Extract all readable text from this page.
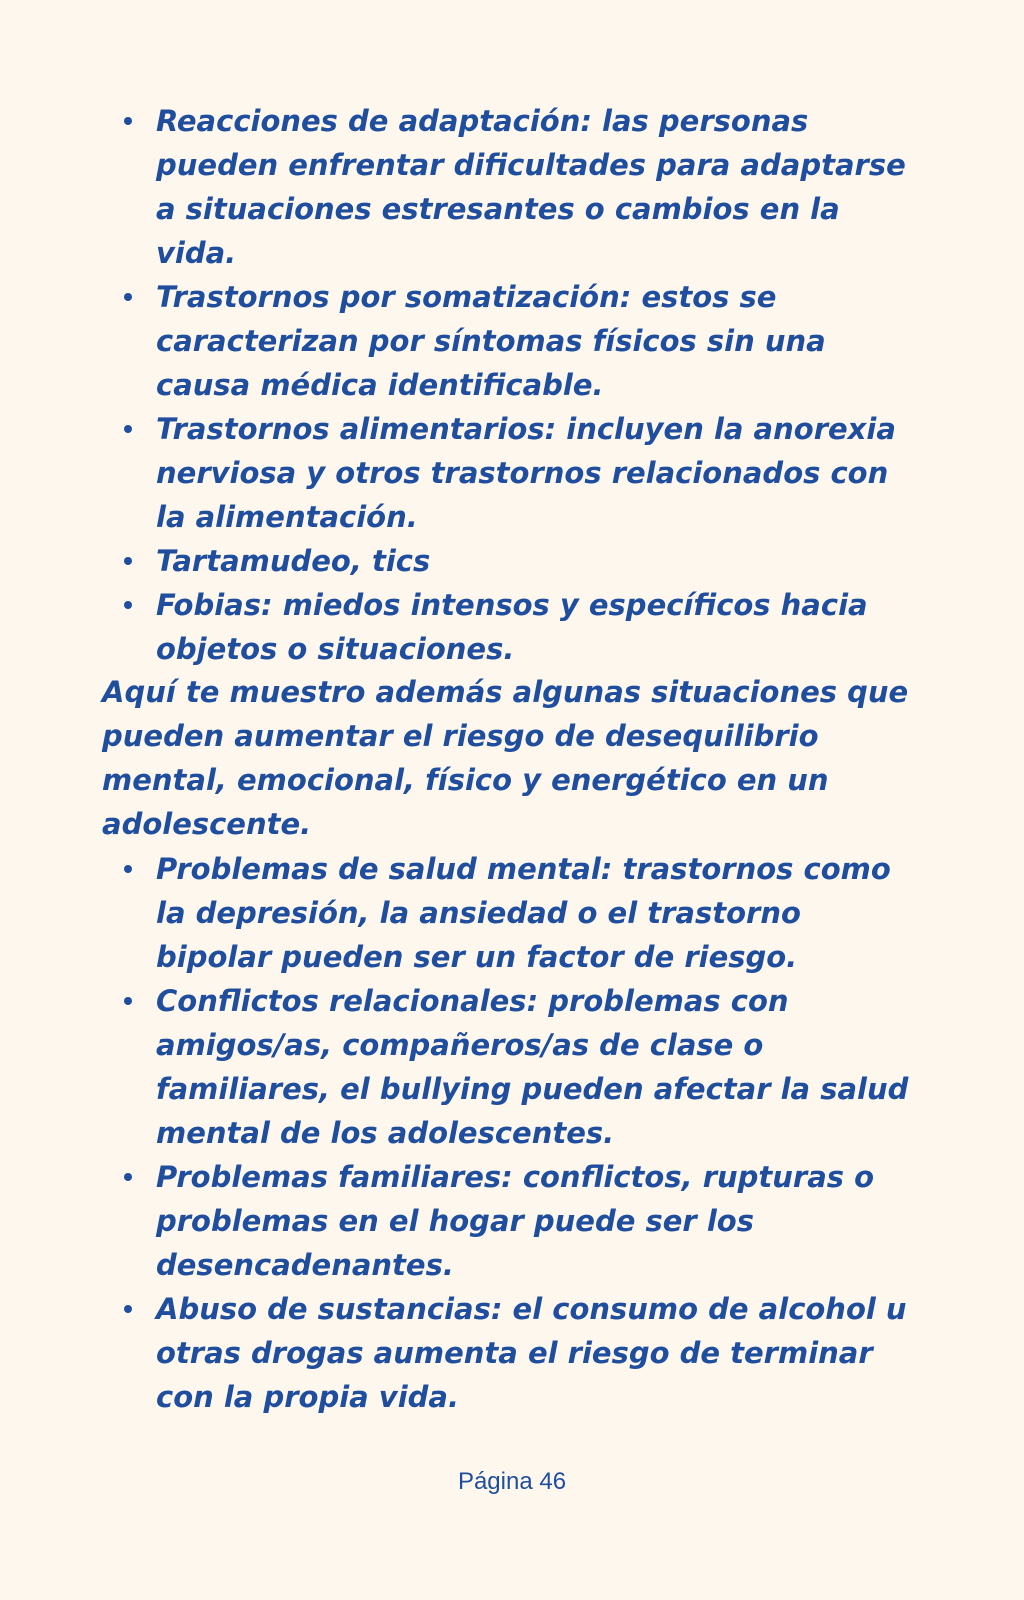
Reacciones de adaptación: las personas pueden enfrentar dificultades para adaptarse a situaciones estresantes o cambios en la vida.
Trastornos por somatización: estos se caracterizan por síntomas físicos sin una causa médica identificable.
Trastornos alimentarios: incluyen la anorexia nerviosa y otros trastornos relacionados con la alimentación.
Tartamudeo, tics
Fobias: miedos intensos y específicos hacia objetos o situaciones.

Aquí te muestro además algunas situaciones que pueden aumentar el riesgo de desequilibrio mental, emocional, físico y energético en un adolescente.

Problemas de salud mental: trastornos como la depresión, la ansiedad o el trastorno bipolar pueden ser un factor de riesgo.
Conflictos relacionales: problemas con amigos/as, compañeros/as de clase o familiares, el bullying pueden afectar la salud mental de los adolescentes.
Problemas familiares: conflictos, rupturas o problemas en el hogar puede ser los desencadenantes.
Abuso de sustancias: el consumo de alcohol u otras drogas aumenta el riesgo de terminar con la propia vida.
Página 46
